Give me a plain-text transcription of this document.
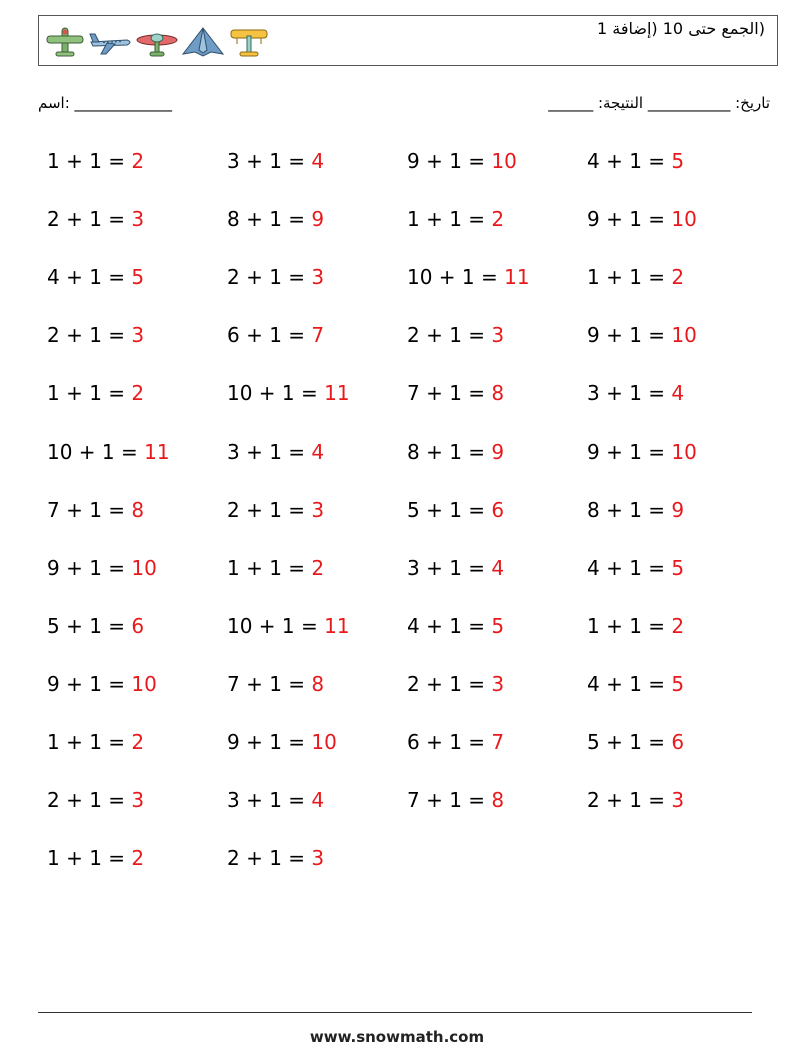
(الجمع حتى 10 (إضافة 1
اسم: _____________	______ :تاريخ: ___________ النتيجة
1 + 1 = 2
2 + 1 = 3
4 + 1 = 5
2 + 1 = 3
1 + 1 = 2
10 + 1 = 11
7 + 1 = 8
9 + 1 = 10
5 + 1 = 6
9 + 1 = 10
1 + 1 = 2
2 + 1 = 3
1 + 1 = 2
3 + 1 = 4
8 + 1 = 9
2 + 1 = 3
6 + 1 = 7
10 + 1 = 11
3 + 1 = 4
2 + 1 = 3
1 + 1 = 2
10 + 1 = 11
7 + 1 = 8
9 + 1 = 10
3 + 1 = 4
2 + 1 = 3
9 + 1 = 10
1 + 1 = 2
10 + 1 = 11
2 + 1 = 3
7 + 1 = 8
8 + 1 = 9
5 + 1 = 6
3 + 1 = 4
4 + 1 = 5
2 + 1 = 3
6 + 1 = 7
7 + 1 = 8
4 + 1 = 5
9 + 1 = 10
1 + 1 = 2
9 + 1 = 10
3 + 1 = 4
9 + 1 = 10
8 + 1 = 9
4 + 1 = 5
1 + 1 = 2
4 + 1 = 5
5 + 1 = 6
2 + 1 = 3
www.snowmath.com
